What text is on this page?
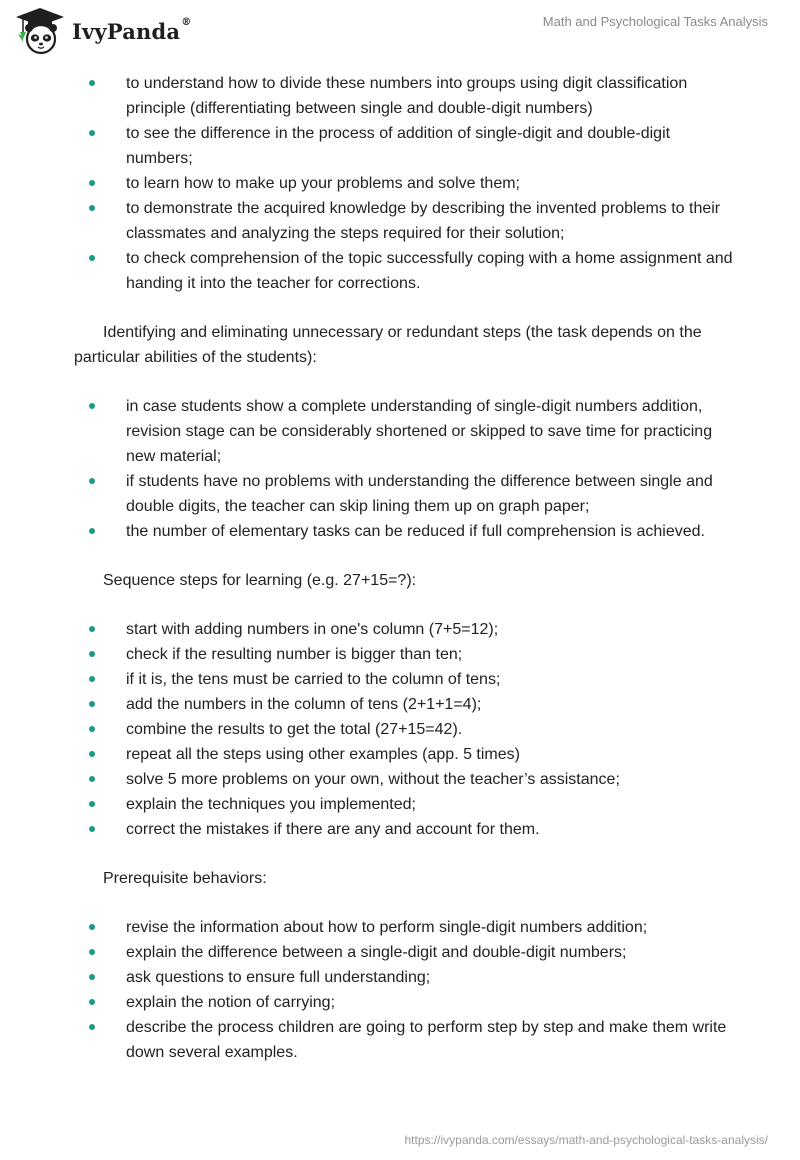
IvyPanda®	Math and Psychological Tasks Analysis
to understand how to divide these numbers into groups using digit classification principle (differentiating between single and double-digit numbers)
to see the difference in the process of addition of single-digit and double-digit numbers;
to learn how to make up your problems and solve them;
to demonstrate the acquired knowledge by describing the invented problems to their classmates and analyzing the steps required for their solution;
to check comprehension of the topic successfully coping with a home assignment and handing it into the teacher for corrections.

Identifying and eliminating unnecessary or redundant steps (the task depends on the particular abilities of the students):

in case students show a complete understanding of single-digit numbers addition, revision stage can be considerably shortened or skipped to save time for practicing new material;
if students have no problems with understanding the difference between single and double digits, the teacher can skip lining them up on graph paper;
the number of elementary tasks can be reduced if full comprehension is achieved.

Sequence steps for learning (e.g. 27+15=?):

start with adding numbers in one's column (7+5=12);
check if the resulting number is bigger than ten;
if it is, the tens must be carried to the column of tens;
add the numbers in the column of tens (2+1+1=4);
combine the results to get the total (27+15=42).
repeat all the steps using other examples (app. 5 times)
solve 5 more problems on your own, without the teacher’s assistance;
explain the techniques you implemented;
correct the mistakes if there are any and account for them.

Prerequisite behaviors:

revise the information about how to perform single-digit numbers addition;
explain the difference between a single-digit and double-digit numbers;
ask questions to ensure full understanding;
explain the notion of carrying;
describe the process children are going to perform step by step and make them write down several examples.
https://ivypanda.com/essays/math-and-psychological-tasks-analysis/
